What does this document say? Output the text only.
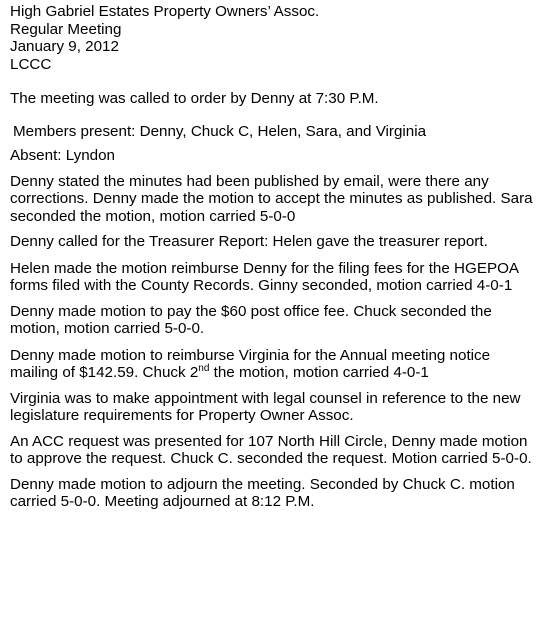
High Gabriel Estates Property Owners’ Assoc.
Regular Meeting
January 9, 2012
LCCC

The meeting was called to order by Denny at 7:30 P.M.

Members present: Denny, Chuck C, Helen, Sara, and Virginia

Absent: Lyndon

Denny stated the minutes had been published by email, were there any corrections. Denny made the motion to accept the minutes as published. Sara seconded the motion, motion carried 5-0-0

Denny called for the Treasurer Report: Helen gave the treasurer report.

Helen made the motion reimburse Denny for the filing fees for the HGEPOA forms filed with the County Records. Ginny seconded, motion carried 4-0-1

Denny made motion to pay the $60 post office fee. Chuck seconded the motion, motion carried 5-0-0.

Denny made motion to reimburse Virginia for the Annual meeting notice mailing of $142.59. Chuck 2nd the motion, motion carried 4-0-1

Virginia was to make appointment with legal counsel in reference to the new legislature requirements for Property Owner Assoc.

An ACC request was presented for 107 North Hill Circle, Denny made motion to approve the request. Chuck C. seconded the request. Motion carried 5-0-0.

Denny made motion to adjourn the meeting. Seconded by Chuck C. motion carried 5-0-0. Meeting adjourned at 8:12 P.M.
